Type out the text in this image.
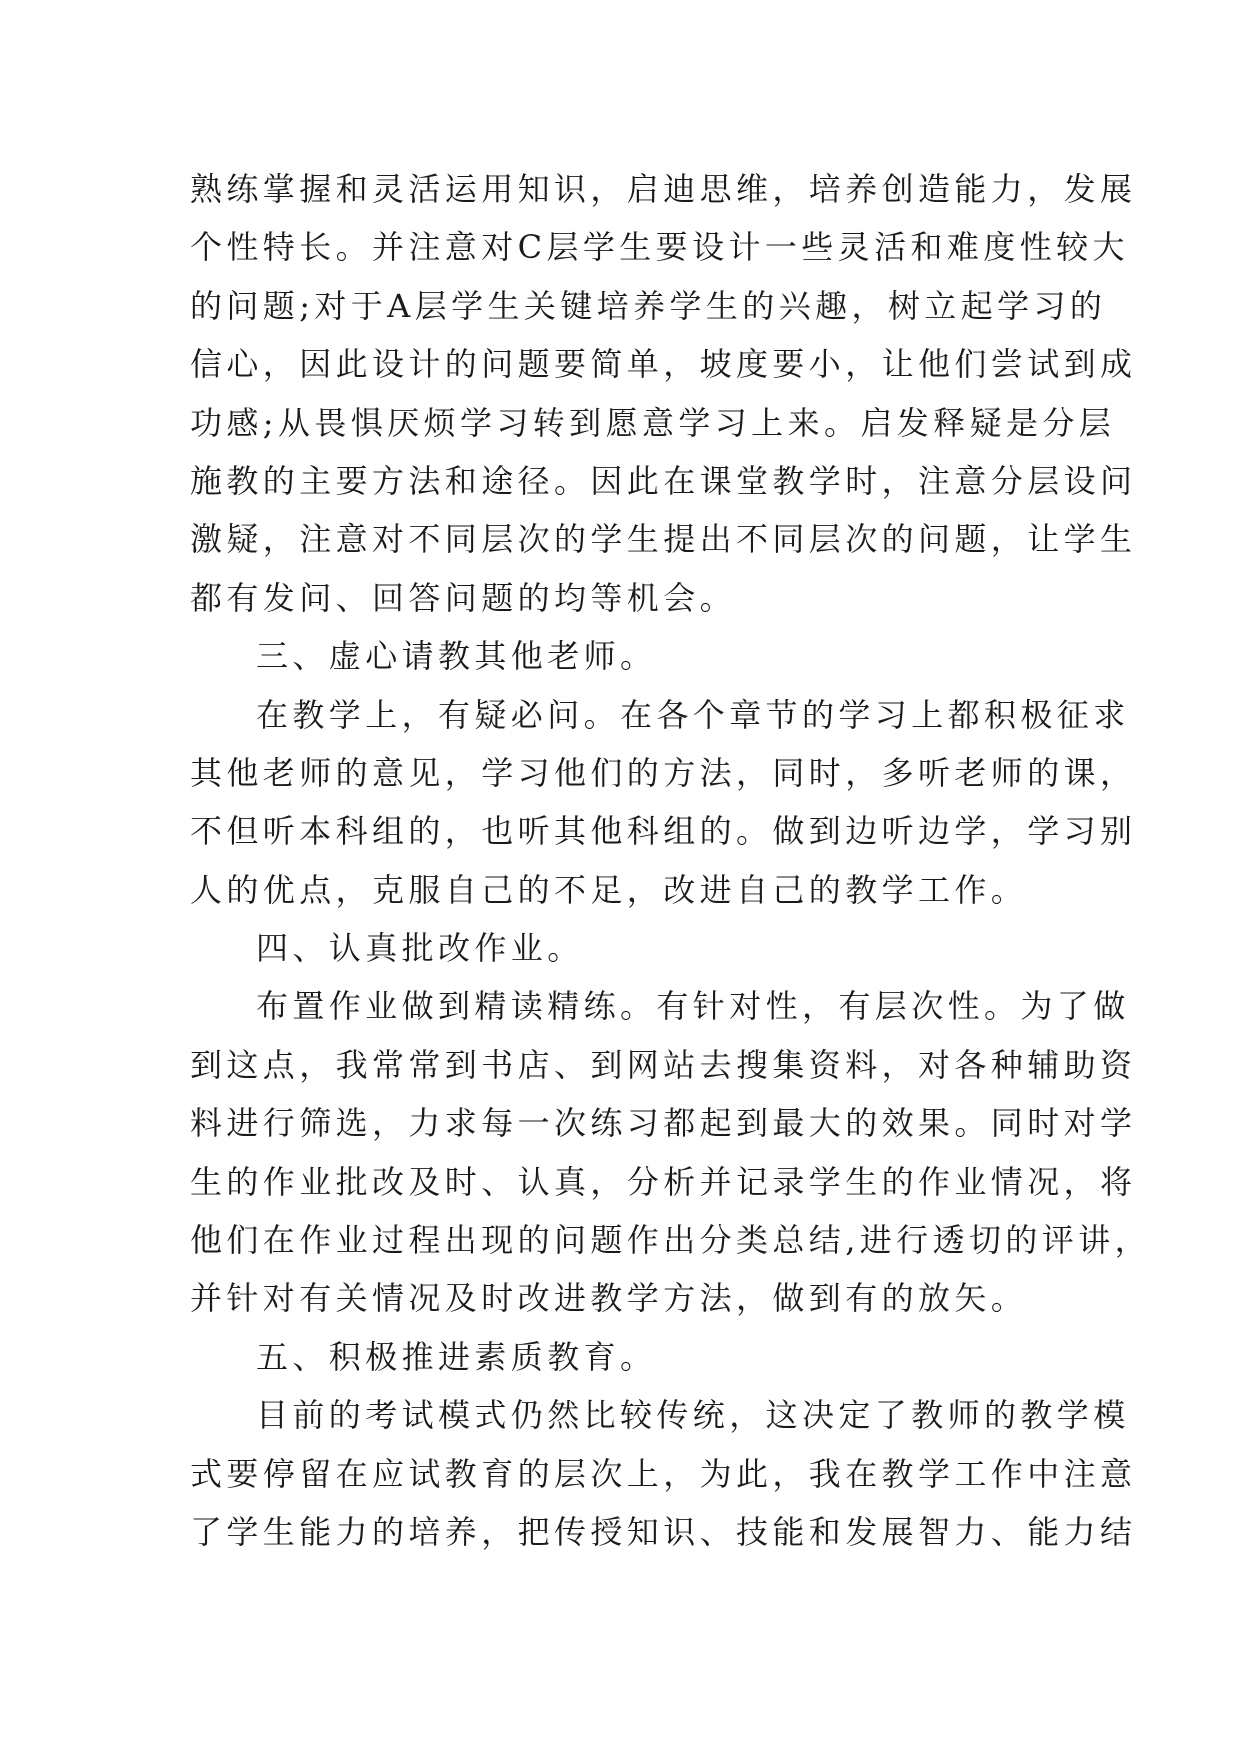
熟练掌握和灵活运用知识，启迪思维，培养创造能力，发展
个性特长。并注意对C层学生要设计一些灵活和难度性较大
的问题;对于A层学生关键培养学生的兴趣，树立起学习的
信心，因此设计的问题要简单，坡度要小，让他们尝试到成
功感;从畏惧厌烦学习转到愿意学习上来。启发释疑是分层
施教的主要方法和途径。因此在课堂教学时，注意分层设问
激疑，注意对不同层次的学生提出不同层次的问题，让学生
都有发问、回答问题的均等机会。
三、虚心请教其他老师。
在教学上，有疑必问。在各个章节的学习上都积极征求
其他老师的意见，学习他们的方法，同时，多听老师的课，
不但听本科组的，也听其他科组的。做到边听边学，学习别
人的优点，克服自己的不足，改进自己的教学工作。
四、认真批改作业。
布置作业做到精读精练。有针对性，有层次性。为了做
到这点，我常常到书店、到网站去搜集资料，对各种辅助资
料进行筛选，力求每一次练习都起到最大的效果。同时对学
生的作业批改及时、认真，分析并记录学生的作业情况，将
他们在作业过程出现的问题作出分类总结,进行透切的评讲，
并针对有关情况及时改进教学方法，做到有的放矢。
五、积极推进素质教育。
目前的考试模式仍然比较传统，这决定了教师的教学模
式要停留在应试教育的层次上，为此，我在教学工作中注意
了学生能力的培养，把传授知识、技能和发展智力、能力结
